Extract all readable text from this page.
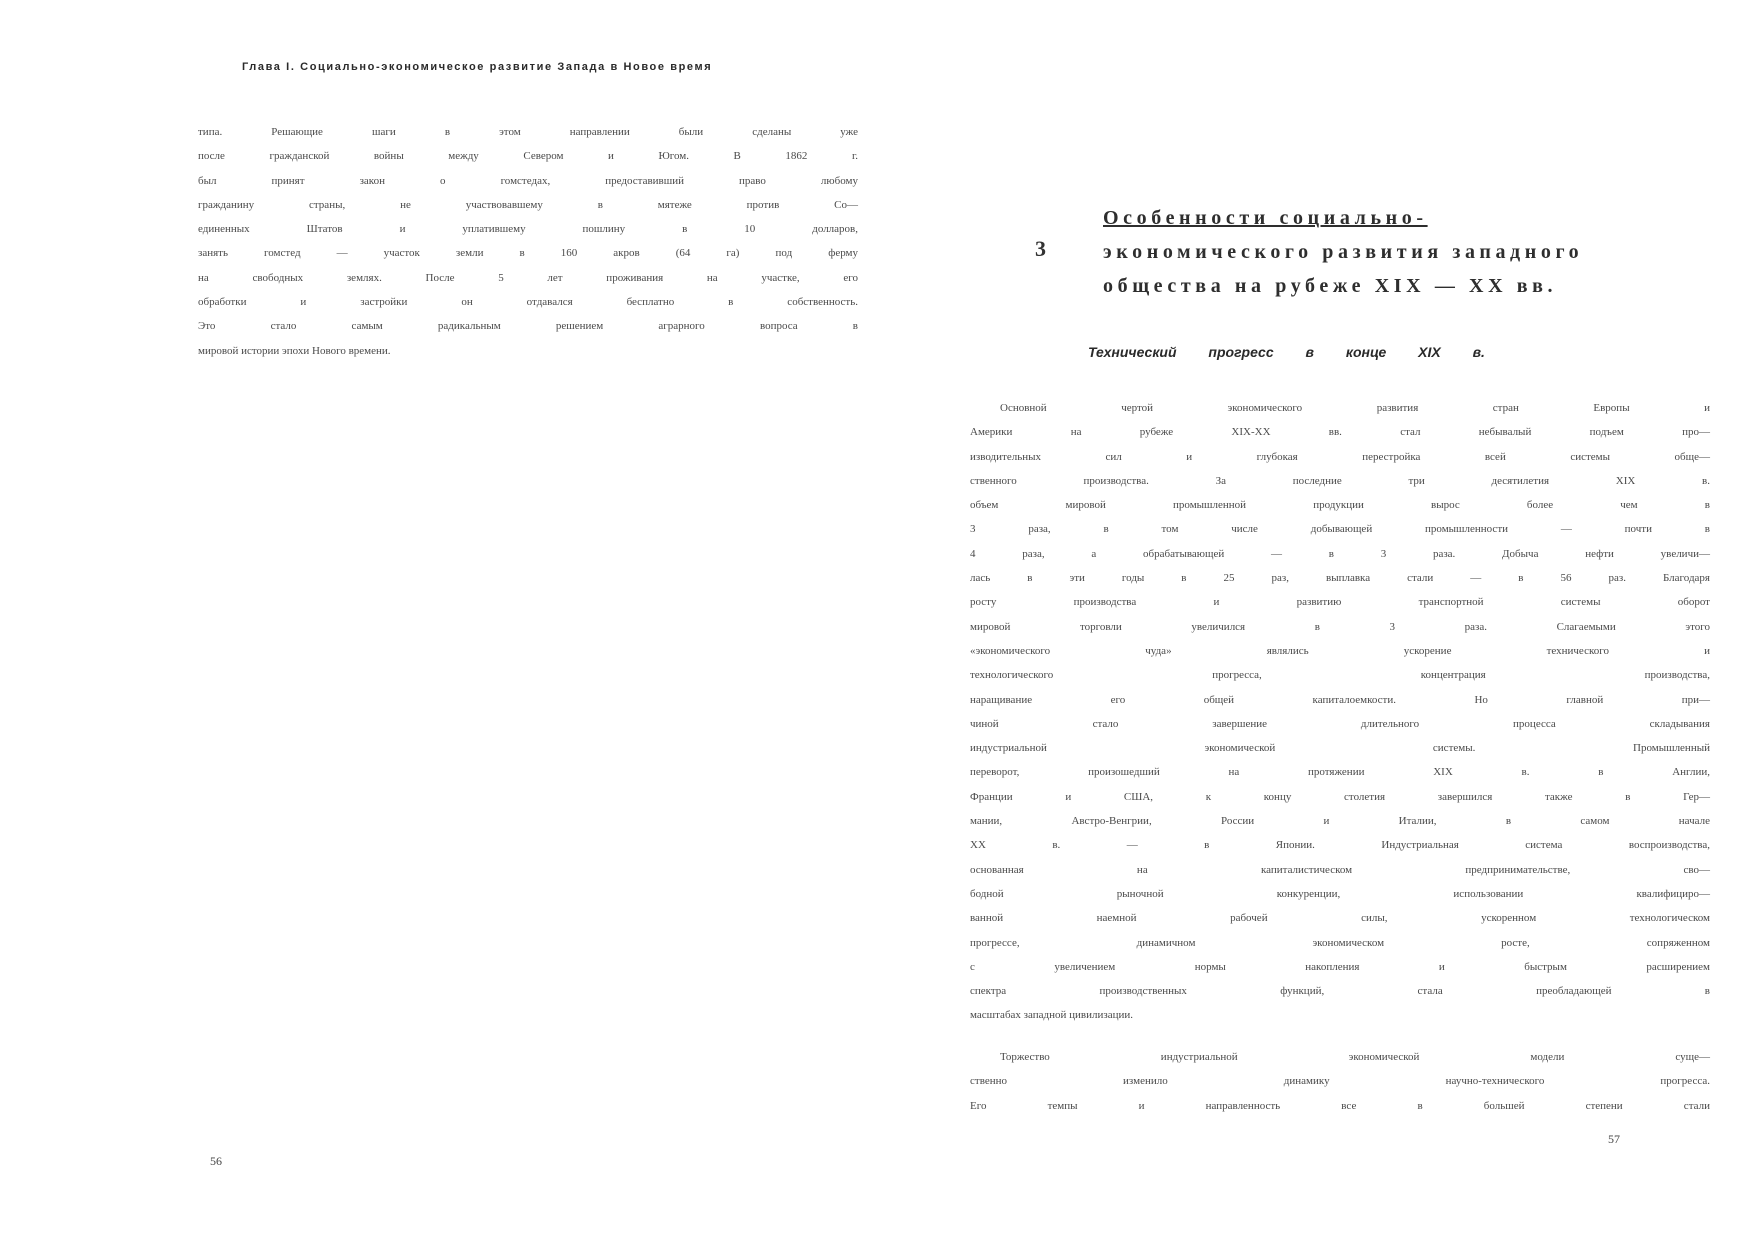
Глава I. Социально-экономическое развитие Запада в Новое время
типа. Решающие шаги в этом направлении были сделаны уже
после гражданской войны между Севером и Югом. В 1862 г.
был принят закон о гомстедах, предоставивший право любому
гражданину страны, не участвовавшему в мятеже против Со—
единенных Штатов и уплатившему пошлину в 10 долларов,
занять гомстед — участок земли в 160 акров (64 га) под ферму
на свободных землях. После 5 лет проживания на участке, его
обработки и застройки он отдавался бесплатно в собственность.
Это стало самым радикальным решением аграрного вопроса в
мировой истории эпохи Нового времени.
56
3
Особенности социально-
экономического развития западного
общества на рубеже XIX — XX вв.
Технический прогресс в конце XIX в.
Основной чертой экономического развития стран Европы и
Америки на рубеже XIX-XX вв. стал небывалый подъем про—
изводительных сил и глубокая перестройка всей системы обще—
ственного производства. За последние три десятилетия XIX в.
объем мировой промышленной продукции вырос более чем в
3 раза, в том числе добывающей промышленности — почти в
4 раза, а обрабатывающей — в 3 раза. Добыча нефти увеличи—
лась в эти годы в 25 раз, выплавка стали — в 56 раз. Благодаря
росту производства и развитию транспортной системы оборот
мировой торговли увеличился в 3 раза. Слагаемыми этого
«экономического чуда» являлись ускорение технического и
технологического прогресса, концентрация производства,
наращивание его общей капиталоемкости. Но главной при—
чиной стало завершение длительного процесса складывания
индустриальной экономической системы. Промышленный
переворот, произошедший на протяжении XIX в. в Англии,
Франции и США, к концу столетия завершился также в Гер—
мании, Австро-Венгрии, России и Италии, в самом начале
XX в. — в Японии. Индустриальная система воспроизводства,
основанная на капиталистическом предпринимательстве, сво—
бодной рыночной конкуренции, использовании квалифициро—
ванной наемной рабочей силы, ускоренном технологическом
прогрессе, динамичном экономическом росте, сопряженном
с увеличением нормы накопления и быстрым расширением
спектра производственных функций, стала преобладающей в
масштабах западной цивилизации.
Торжество индустриальной экономической модели суще—
ственно изменило динамику научно-технического прогресса.
Его темпы и направленность все в большей степени стали
57
